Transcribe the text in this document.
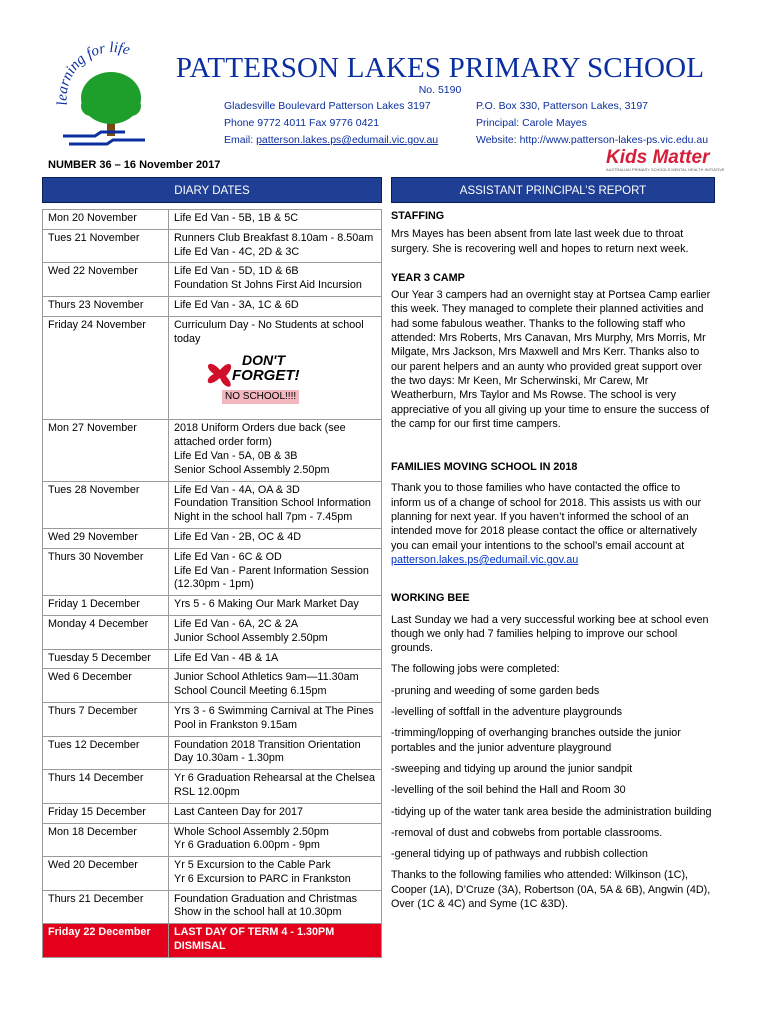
learning for life
PATTERSON LAKES PRIMARY SCHOOL
No. 5190
Gladesville Boulevard Patterson Lakes 3197
Phone 9772 4011 Fax 9776 0421
Email: patterson.lakes.ps@edumail.vic.gov.au
P.O. Box 330, Patterson Lakes, 3197
Principal: Carole Mayes
Website: http://www.patterson-lakes-ps.vic.edu.au
NUMBER 36 – 16 November 2017	Kids Matter
AUSTRALIAN PRIMARY SCHOOLS MENTAL HEALTH INITIATIVE
DIARY DATES	ASSISTANT PRINCIPAL’S REPORT
Mon 20 November	Life Ed Van - 5B, 1B & 5C

Tues 21 November	Runners Club Breakfast 8.10am - 8.50am
Life Ed Van - 4C, 2D & 3C

Wed 22 November	Life Ed Van - 5D, 1D & 6B
Foundation St Johns First Aid Incursion

Thurs 23 November	Life Ed Van - 3A, 1C & 6D

Friday 24 November	Curriculum Day - No Students at school today
DON'T
FORGET!
NO SCHOOL!!!!

Mon 27 November	2018 Uniform Orders due back (see attached order form)
Life Ed Van - 5A, 0B & 3B
Senior School Assembly 2.50pm

Tues 28 November	Life Ed Van - 4A, OA & 3D
Foundation Transition School Information Night in the school hall 7pm - 7.45pm

Wed 29 November	Life Ed Van - 2B, OC & 4D

Thurs 30 November	Life Ed Van - 6C & OD
Life Ed Van - Parent Information Session (12.30pm - 1pm)

Friday 1 December	Yrs 5 - 6 Making Our Mark Market Day

Monday 4 December	Life Ed Van - 6A, 2C & 2A
Junior School Assembly 2.50pm

Tuesday 5 December	Life Ed Van - 4B & 1A

Wed 6 December	Junior School Athletics 9am—11.30am
School Council Meeting 6.15pm

Thurs 7 December	Yrs 3 - 6 Swimming Carnival at The Pines Pool in Frankston 9.15am

Tues 12 December	Foundation 2018 Transition Orientation Day 10.30am - 1.30pm

Thurs 14 December	Yr 6 Graduation Rehearsal at the Chelsea RSL 12.00pm

Friday 15 December	Last Canteen Day for 2017

Mon 18 December	Whole School Assembly 2.50pm
Yr 6 Graduation 6.00pm - 9pm

Wed 20 December	Yr 5 Excursion to the Cable Park
Yr 6 Excursion to PARC in Frankston

Thurs 21 December	Foundation Graduation and Christmas Show in the school hall at 10.30pm

Friday 22 December	LAST DAY OF TERM 4 - 1.30PM DISMISAL
STAFFING

Mrs Mayes has been absent from late last week due to throat surgery. She is recovering well and hopes to return next week.

YEAR 3 CAMP

Our Year 3 campers had an overnight stay at Portsea Camp earlier this week. They managed to complete their planned activities and had some fabulous weather. Thanks to the following staff who attended: Mrs Roberts, Mrs Canavan, Mrs Murphy, Mrs Morris, Mr Milgate, Mrs Jackson, Mrs Maxwell and Mrs Kerr. Thanks also to our parent helpers and an aunty who provided great support over the two days: Mr Keen, Mr Scherwinski, Mr Carew, Mr Weatherburn, Mrs Taylor and Ms Rowse. The school is very appreciative of you all giving up your time to ensure the success of the camp for our first time campers.

FAMILIES MOVING SCHOOL IN 2018

Thank you to those families who have contacted the office to inform us of a change of school for 2018. This assists us with our planning for next year. If you haven’t informed the school of an intended move for 2018 please contact the office or alternatively you can email your intentions to the school’s email account at patterson.lakes.ps@edumail.vic.gov.au

WORKING BEE

Last Sunday we had a very successful working bee at school even though we only had 7 families helping to improve our school grounds.

The following jobs were completed:

-pruning and weeding of some garden beds

-levelling of softfall in the adventure playgrounds

-trimming/lopping of overhanging branches outside the junior portables and the junior adventure playground

-sweeping and tidying up around the junior sandpit

-levelling of the soil behind the Hall and Room 30

-tidying up of the water tank area beside the administration building

-removal of dust and cobwebs from portable classrooms.

-general tidying up of pathways and rubbish collection

Thanks to the following families who attended: Wilkinson (1C), Cooper (1A), D’Cruze (3A), Robertson (0A, 5A & 6B), Angwin (4D), Over (1C & 4C) and Syme (1C &3D).
